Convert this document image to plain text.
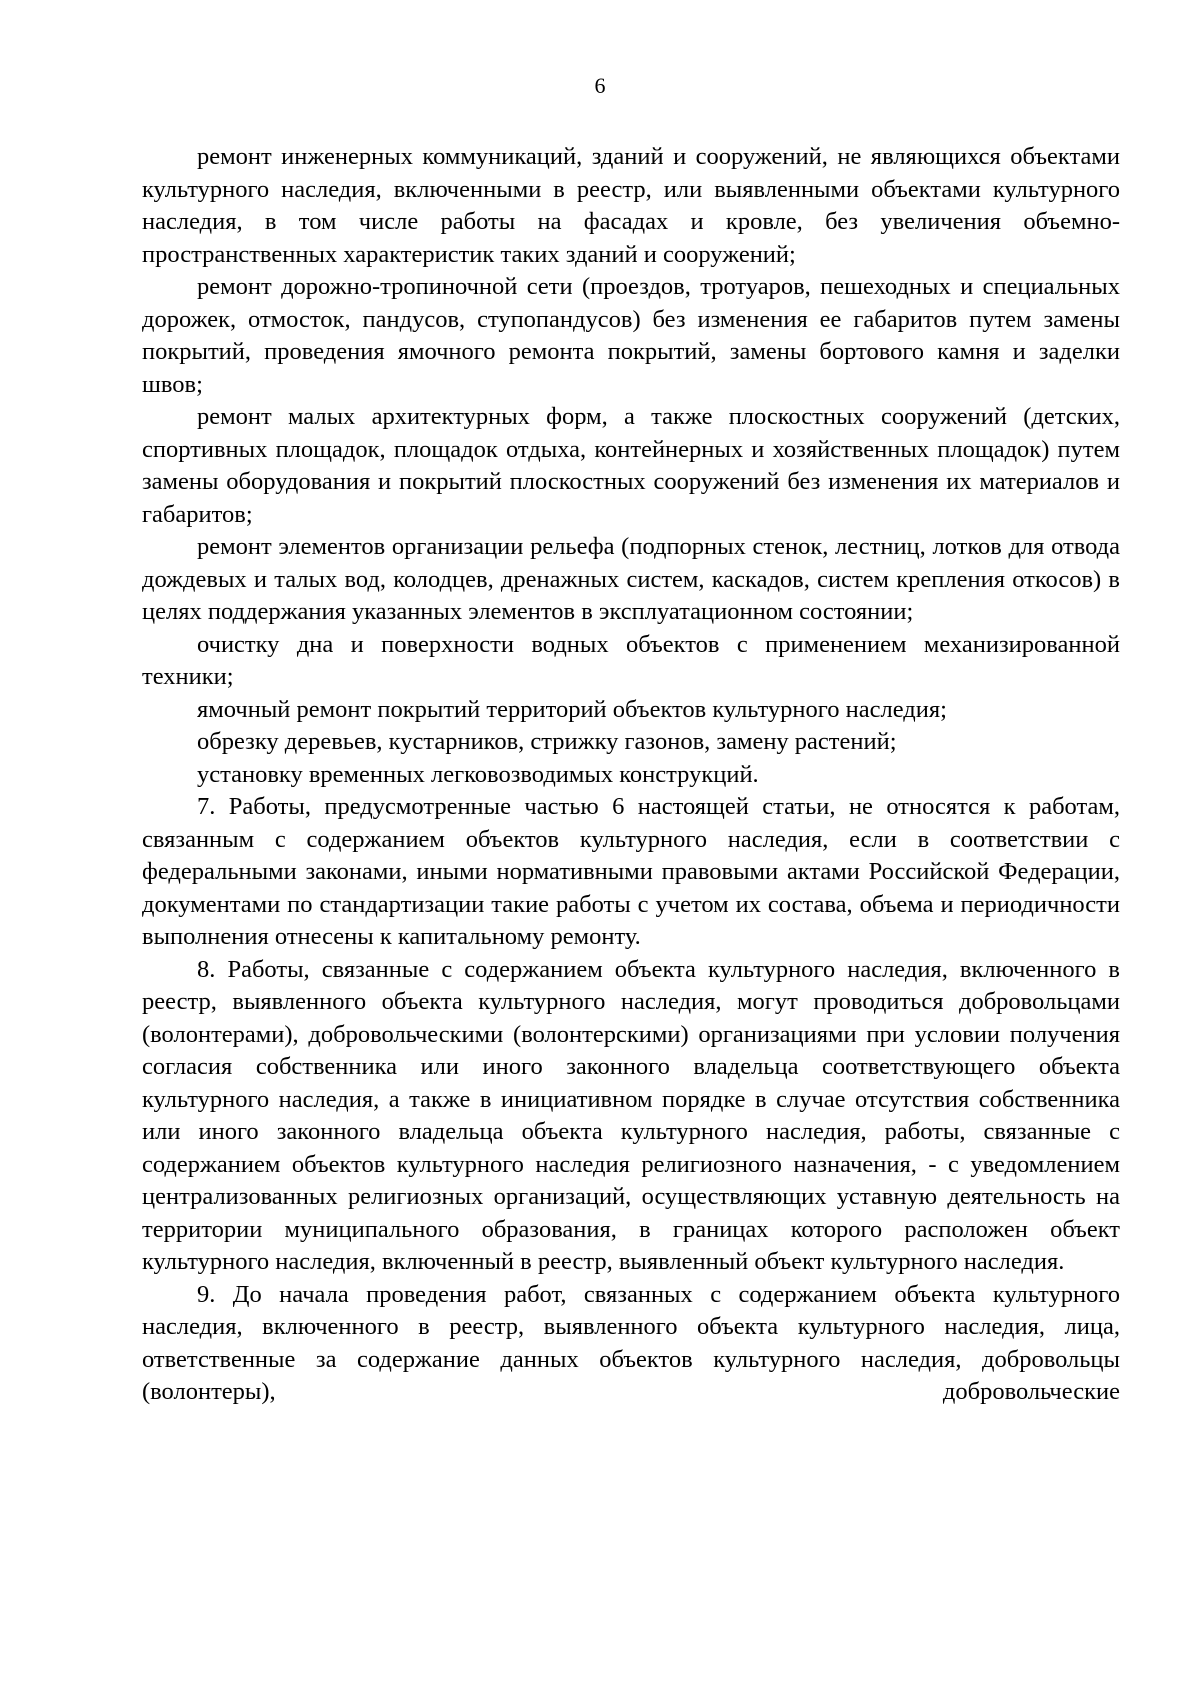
6

ремонт инженерных коммуникаций, зданий и сооружений, не являющихся объектами культурного наследия, включенными в реестр, или выявленными объектами культурного наследия, в том числе работы на фасадах и кровле, без увеличения объемно-пространственных характеристик таких зданий и сооружений;

ремонт дорожно-тропиночной сети (проездов, тротуаров, пешеходных и специальных дорожек, отмосток, пандусов, ступопандусов) без изменения ее габаритов путем замены покрытий, проведения ямочного ремонта покрытий, замены бортового камня и заделки швов;

ремонт малых архитектурных форм, а также плоскостных сооружений (детских, спортивных площадок, площадок отдыха, контейнерных и хозяйственных площадок) путем замены оборудования и покрытий плоскостных сооружений без изменения их материалов и габаритов;

ремонт элементов организации рельефа (подпорных стенок, лестниц, лотков для отвода дождевых и талых вод, колодцев, дренажных систем, каскадов, систем крепления откосов) в целях поддержания указанных элементов в эксплуатационном состоянии;

очистку дна и поверхности водных объектов с применением механизированной техники;

ямочный ремонт покрытий территорий объектов культурного наследия;

обрезку деревьев, кустарников, стрижку газонов, замену растений;

установку временных легковозводимых конструкций.

7. Работы, предусмотренные частью 6 настоящей статьи, не относятся к работам, связанным с содержанием объектов культурного наследия, если в соответствии с федеральными законами, иными нормативными правовыми актами Российской Федерации, документами по стандартизации такие работы с учетом их состава, объема и периодичности выполнения отнесены к капитальному ремонту.

8. Работы, связанные с содержанием объекта культурного наследия, включенного в реестр, выявленного объекта культурного наследия, могут проводиться добровольцами (волонтерами), добровольческими (волонтерскими) организациями при условии получения согласия собственника или иного законного владельца соответствующего объекта культурного наследия, а также в инициативном порядке в случае отсутствия собственника или иного законного владельца объекта культурного наследия, работы, связанные с содержанием объектов культурного наследия религиозного назначения, - с уведомлением централизованных религиозных организаций, осуществляющих уставную деятельность на территории муниципального образования, в границах которого расположен объект культурного наследия, включенный в реестр, выявленный объект культурного наследия.

9. До начала проведения работ, связанных с содержанием объекта культурного наследия, включенного в реестр, выявленного объекта культурного наследия, лица, ответственные за содержание данных объектов культурного наследия, добровольцы (волонтеры), добровольческие
